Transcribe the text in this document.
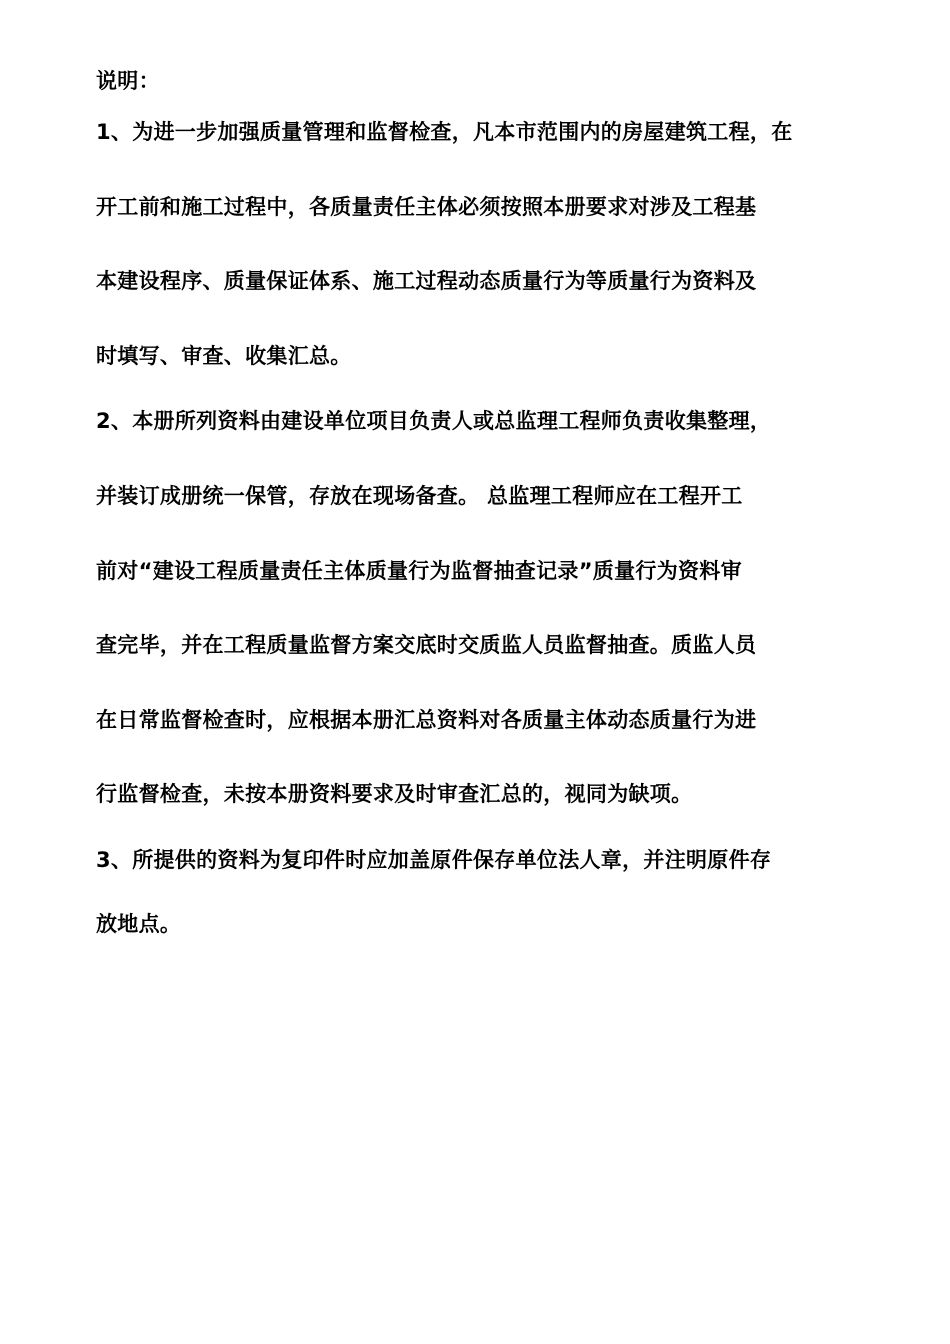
说明：
1、为进一步加强质量管理和监督检查，凡本市范围内的房屋建筑工程，在
开工前和施工过程中，各质量责任主体必须按照本册要求对涉及工程基
本建设程序、质量保证体系、施工过程动态质量行为等质量行为资料及
时填写、审查、收集汇总。
2、本册所列资料由建设单位项目负责人或总监理工程师负责收集整理，
并装订成册统一保管，存放在现场备查。 总监理工程师应在工程开工
前对“建设工程质量责任主体质量行为监督抽查记录”质量行为资料审
查完毕，并在工程质量监督方案交底时交质监人员监督抽查。质监人员
在日常监督检查时，应根据本册汇总资料对各质量主体动态质量行为进
行监督检查，未按本册资料要求及时审查汇总的，视同为缺项。
3、所提供的资料为复印件时应加盖原件保存单位法人章，并注明原件存
放地点。
